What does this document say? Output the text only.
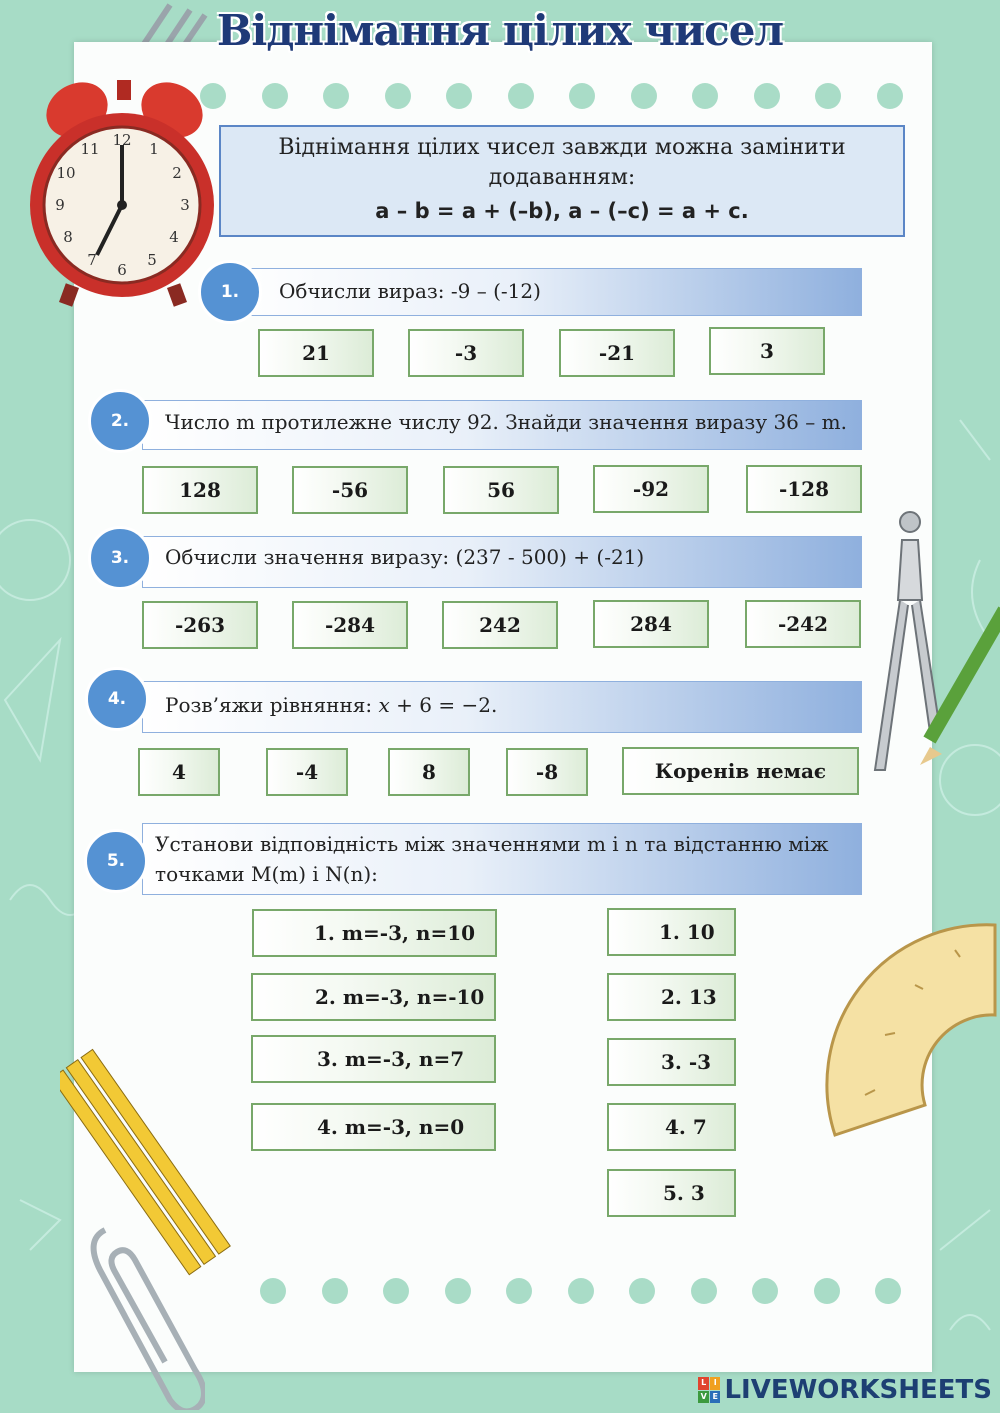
12 1
2
3
4
5
6
7
8
9
10
11
Віднімання цілих чисел
Віднімання цілих чисел завжди можна замінити
додаванням:
a – b = a + (–b), a – (–c) = a + c.
Обчисли вираз: -9 – (-12)
1.
21	-3	-21	3
Число m протилежне числу 92. Знайди значення виразу 36 – m.
2.
128	-56	56	-92	-128
Обчисли значення виразу: (237 - 500) + (-21)
3.
-263	-284	242	284	-242
Розв’яжи рівняння: 𝑥 + 6 = −2.
4.
4	-4	8	-8	Коренів немає
Установи відповідність між значеннями m і n та відстанню між
точками M(m) і N(n):
5.
1. m=-3, n=10
2. m=-3, n=-10
3. m=-3, n=7
4. m=-3, n=0
1. 10
2. 13
3. -3
4. 7
5. 3
L I
V E LIVEWORKSHEETS
